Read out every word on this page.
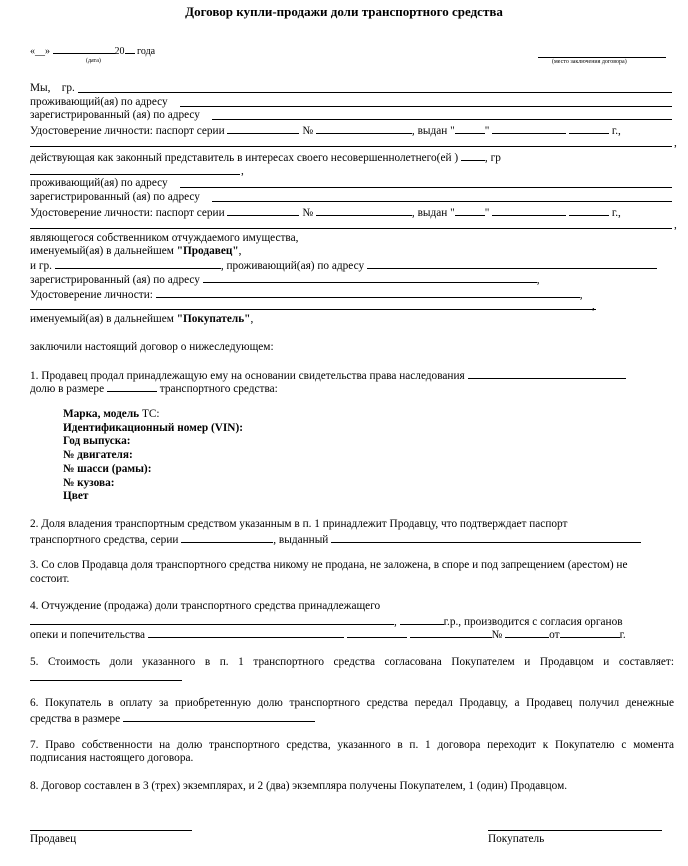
Договор купли-продажи доли транспортного средства
«__»	20 года
(дата)	(место заключения договора)
Мы, гр.
проживающий(ая) по адресу
зарегистрированный (ая) по адресу
Удостоверение личности: паспорт серии	№	, выдан "	"	г.,
,
действующая как законный представитель в интересах своего несовершеннолетнего(ей ) , гр
,
проживающий(ая) по адресу
зарегистрированный (ая) по адресу
Удостоверение личности: паспорт серии	№	, выдан "	"	г.,
,
являющегося собственником отчуждаемого имущества,
именуемый(ая) в дальнейшем "Продавец",
и гр.	, проживающий(ая) по адресу
зарегистрированный (ая) по адресу	,
Удостоверение личности:	,
,
именуемый(ая) в дальнейшем "Покупатель",
заключили настоящий договор о нижеследующем:
1. Продавец продал принадлежащую ему на основании свидетельства права наследования
долю в размере	транспортного средства:
Марка, модель ТС:
Идентификационный номер (VIN):
Год выпуска:
№ двигателя:
№ шасси (рамы):
№ кузова:
Цвет
2. Доля владения транспортным средством указанным в п. 1 принадлежит Продавцу, что подтверждает паспорт
транспортного средства, серии	, выданный
3. Со слов Продавца доля транспортного средства никому не продана, не заложена, в споре и под запрещением (арестом) не
состоит.
4. Отчуждение (продажа) доли транспортного средства принадлежащего
,	г.р., производится с согласия органов
опеки и попечительства	№	от	г.
5. Стоимость доли указанного в п. 1 транспортного средства согласована Покупателем и Продавцом и составляет:
6. Покупатель в оплату за приобретенную долю транспортного средства передал Продавцу, а Продавец получил денежные
средства в размере
7. Право собственности на долю транспортного средства, указанного в п. 1 договора переходит к Покупателю с момента
подписания настоящего договора.
8. Договор составлен в 3 (трех) экземплярах, и 2 (два) экземпляра получены Покупателем, 1 (один) Продавцом.
Продавец	Покупатель
